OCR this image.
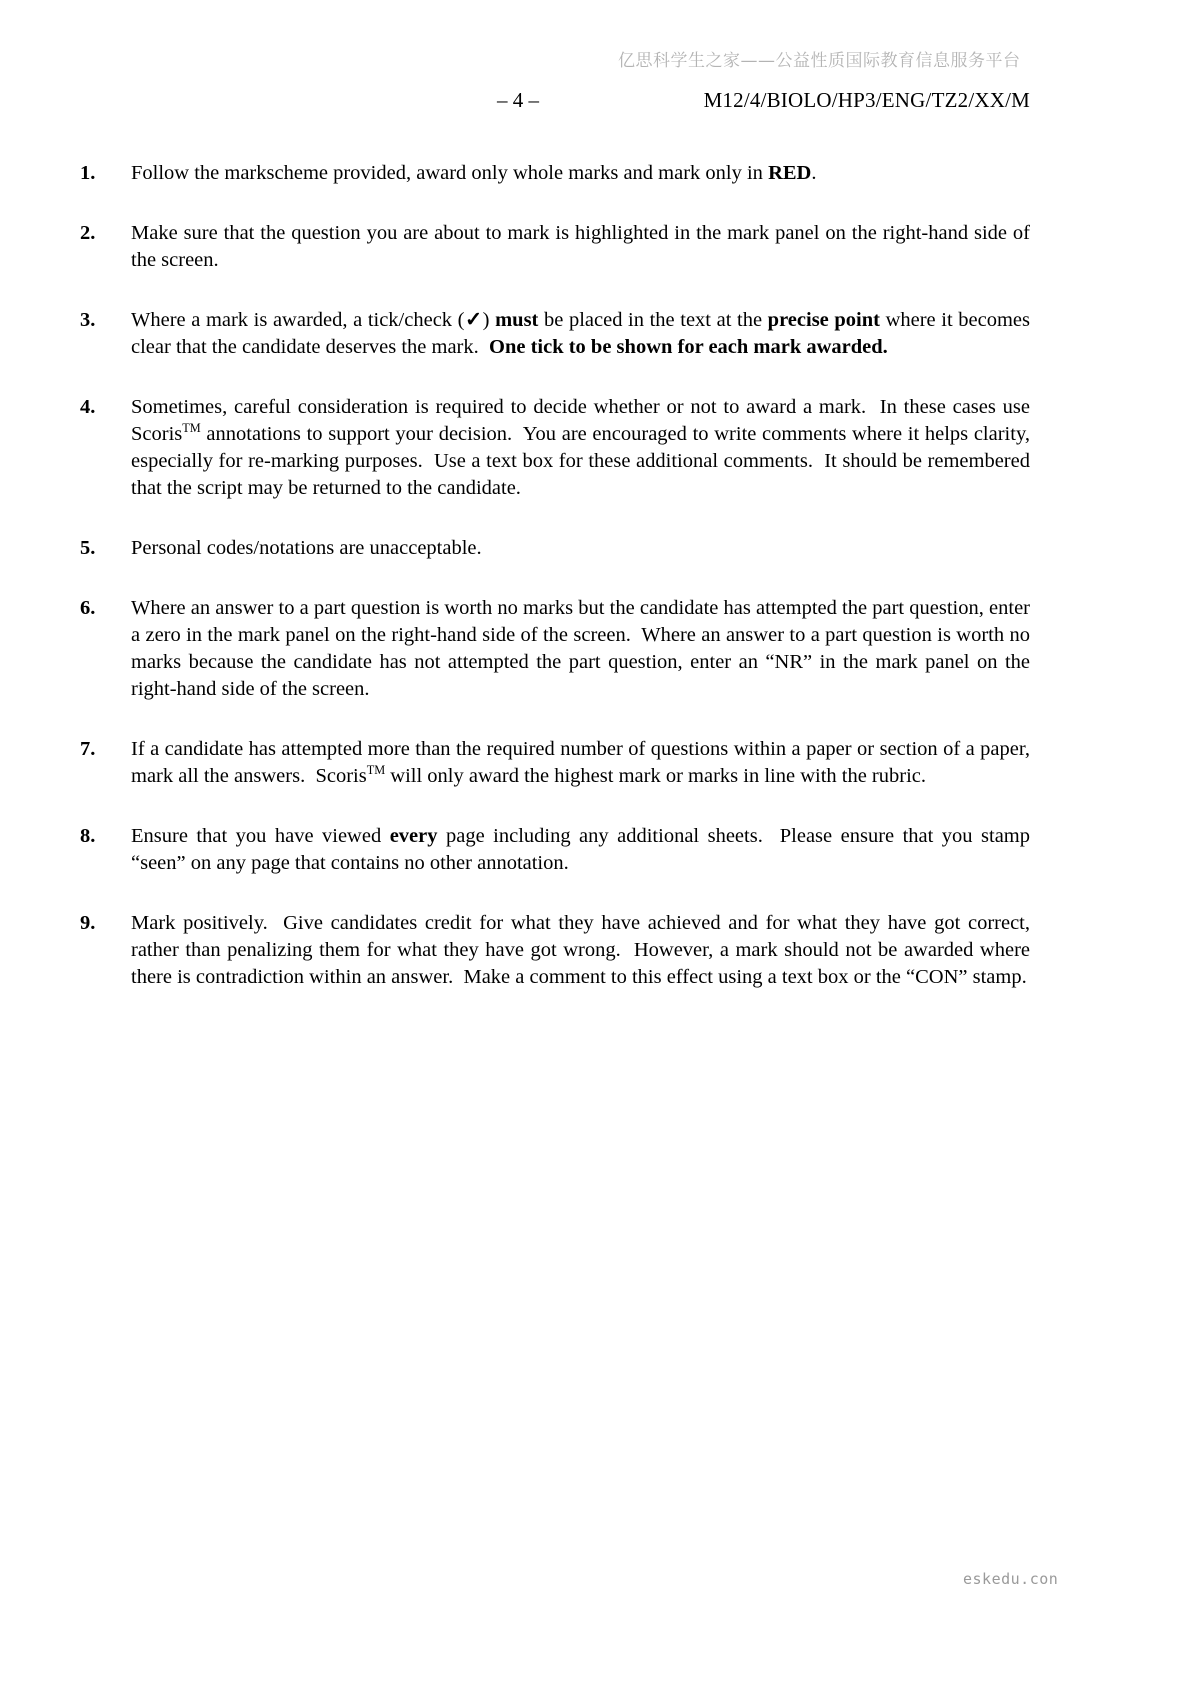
亿思科学生之家——公益性质国际教育信息服务平台
– 4 –	M12/4/BIOLO/HP3/ENG/TZ2/XX/M
1.	Follow the markscheme provided, award only whole marks and mark only in RED.
2.	Make sure that the question you are about to mark is highlighted in the mark panel on the right-hand side of the screen.
3.	Where a mark is awarded, a tick/check (✓) must be placed in the text at the precise point where it becomes clear that the candidate deserves the mark.  One tick to be shown for each mark awarded.
4.	Sometimes, careful consideration is required to decide whether or not to award a mark.  In these cases use Scoris™ annotations to support your decision.  You are encouraged to write comments where it helps clarity, especially for re-marking purposes.  Use a text box for these additional comments.  It should be remembered that the script may be returned to the candidate.
5.	Personal codes/notations are unacceptable.
6.	Where an answer to a part question is worth no marks but the candidate has attempted the part question, enter a zero in the mark panel on the right-hand side of the screen.  Where an answer to a part question is worth no marks because the candidate has not attempted the part question, enter an “NR” in the mark panel on the right-hand side of the screen.
7.	If a candidate has attempted more than the required number of questions within a paper or section of a paper, mark all the answers.  Scoris™ will only award the highest mark or marks in line with the rubric.
8.	Ensure that you have viewed every page including any additional sheets.  Please ensure that you stamp “seen” on any page that contains no other annotation.
9.	Mark positively.  Give candidates credit for what they have achieved and for what they have got correct, rather than penalizing them for what they have got wrong.  However, a mark should not be awarded where there is contradiction within an answer.  Make a comment to this effect using a text box or the “CON” stamp.
eskedu.con
